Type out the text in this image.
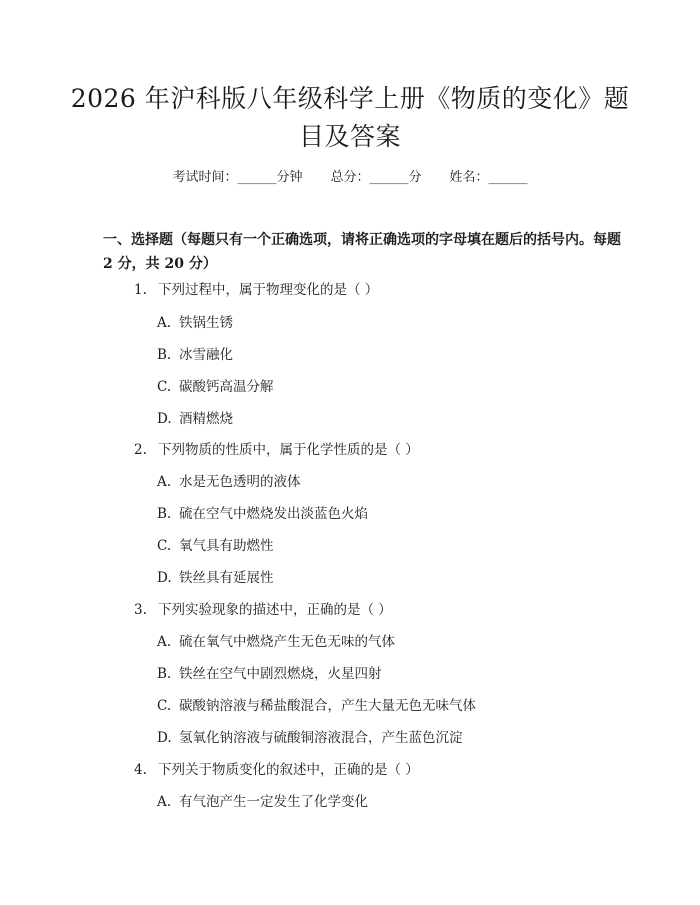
2026 年沪科版八年级科学上册《物质的变化》题目及答案
考试时间：______分钟 总分：______分 姓名：______
一、选择题（每题只有一个正确选项，请将正确选项的字母填在题后的括号内。每题 2 分，共 20 分）
1. 下列过程中，属于物理变化的是（ ）
A. 铁锅生锈
B. 冰雪融化
C. 碳酸钙高温分解
D. 酒精燃烧
2. 下列物质的性质中，属于化学性质的是（ ）
A. 水是无色透明的液体
B. 硫在空气中燃烧发出淡蓝色火焰
C. 氧气具有助燃性
D. 铁丝具有延展性
3. 下列实验现象的描述中，正确的是（ ）
A. 硫在氧气中燃烧产生无色无味的气体
B. 铁丝在空气中剧烈燃烧，火星四射
C. 碳酸钠溶液与稀盐酸混合，产生大量无色无味气体
D. 氢氧化钠溶液与硫酸铜溶液混合，产生蓝色沉淀
4. 下列关于物质变化的叙述中，正确的是（ ）
A. 有气泡产生一定发生了化学变化
